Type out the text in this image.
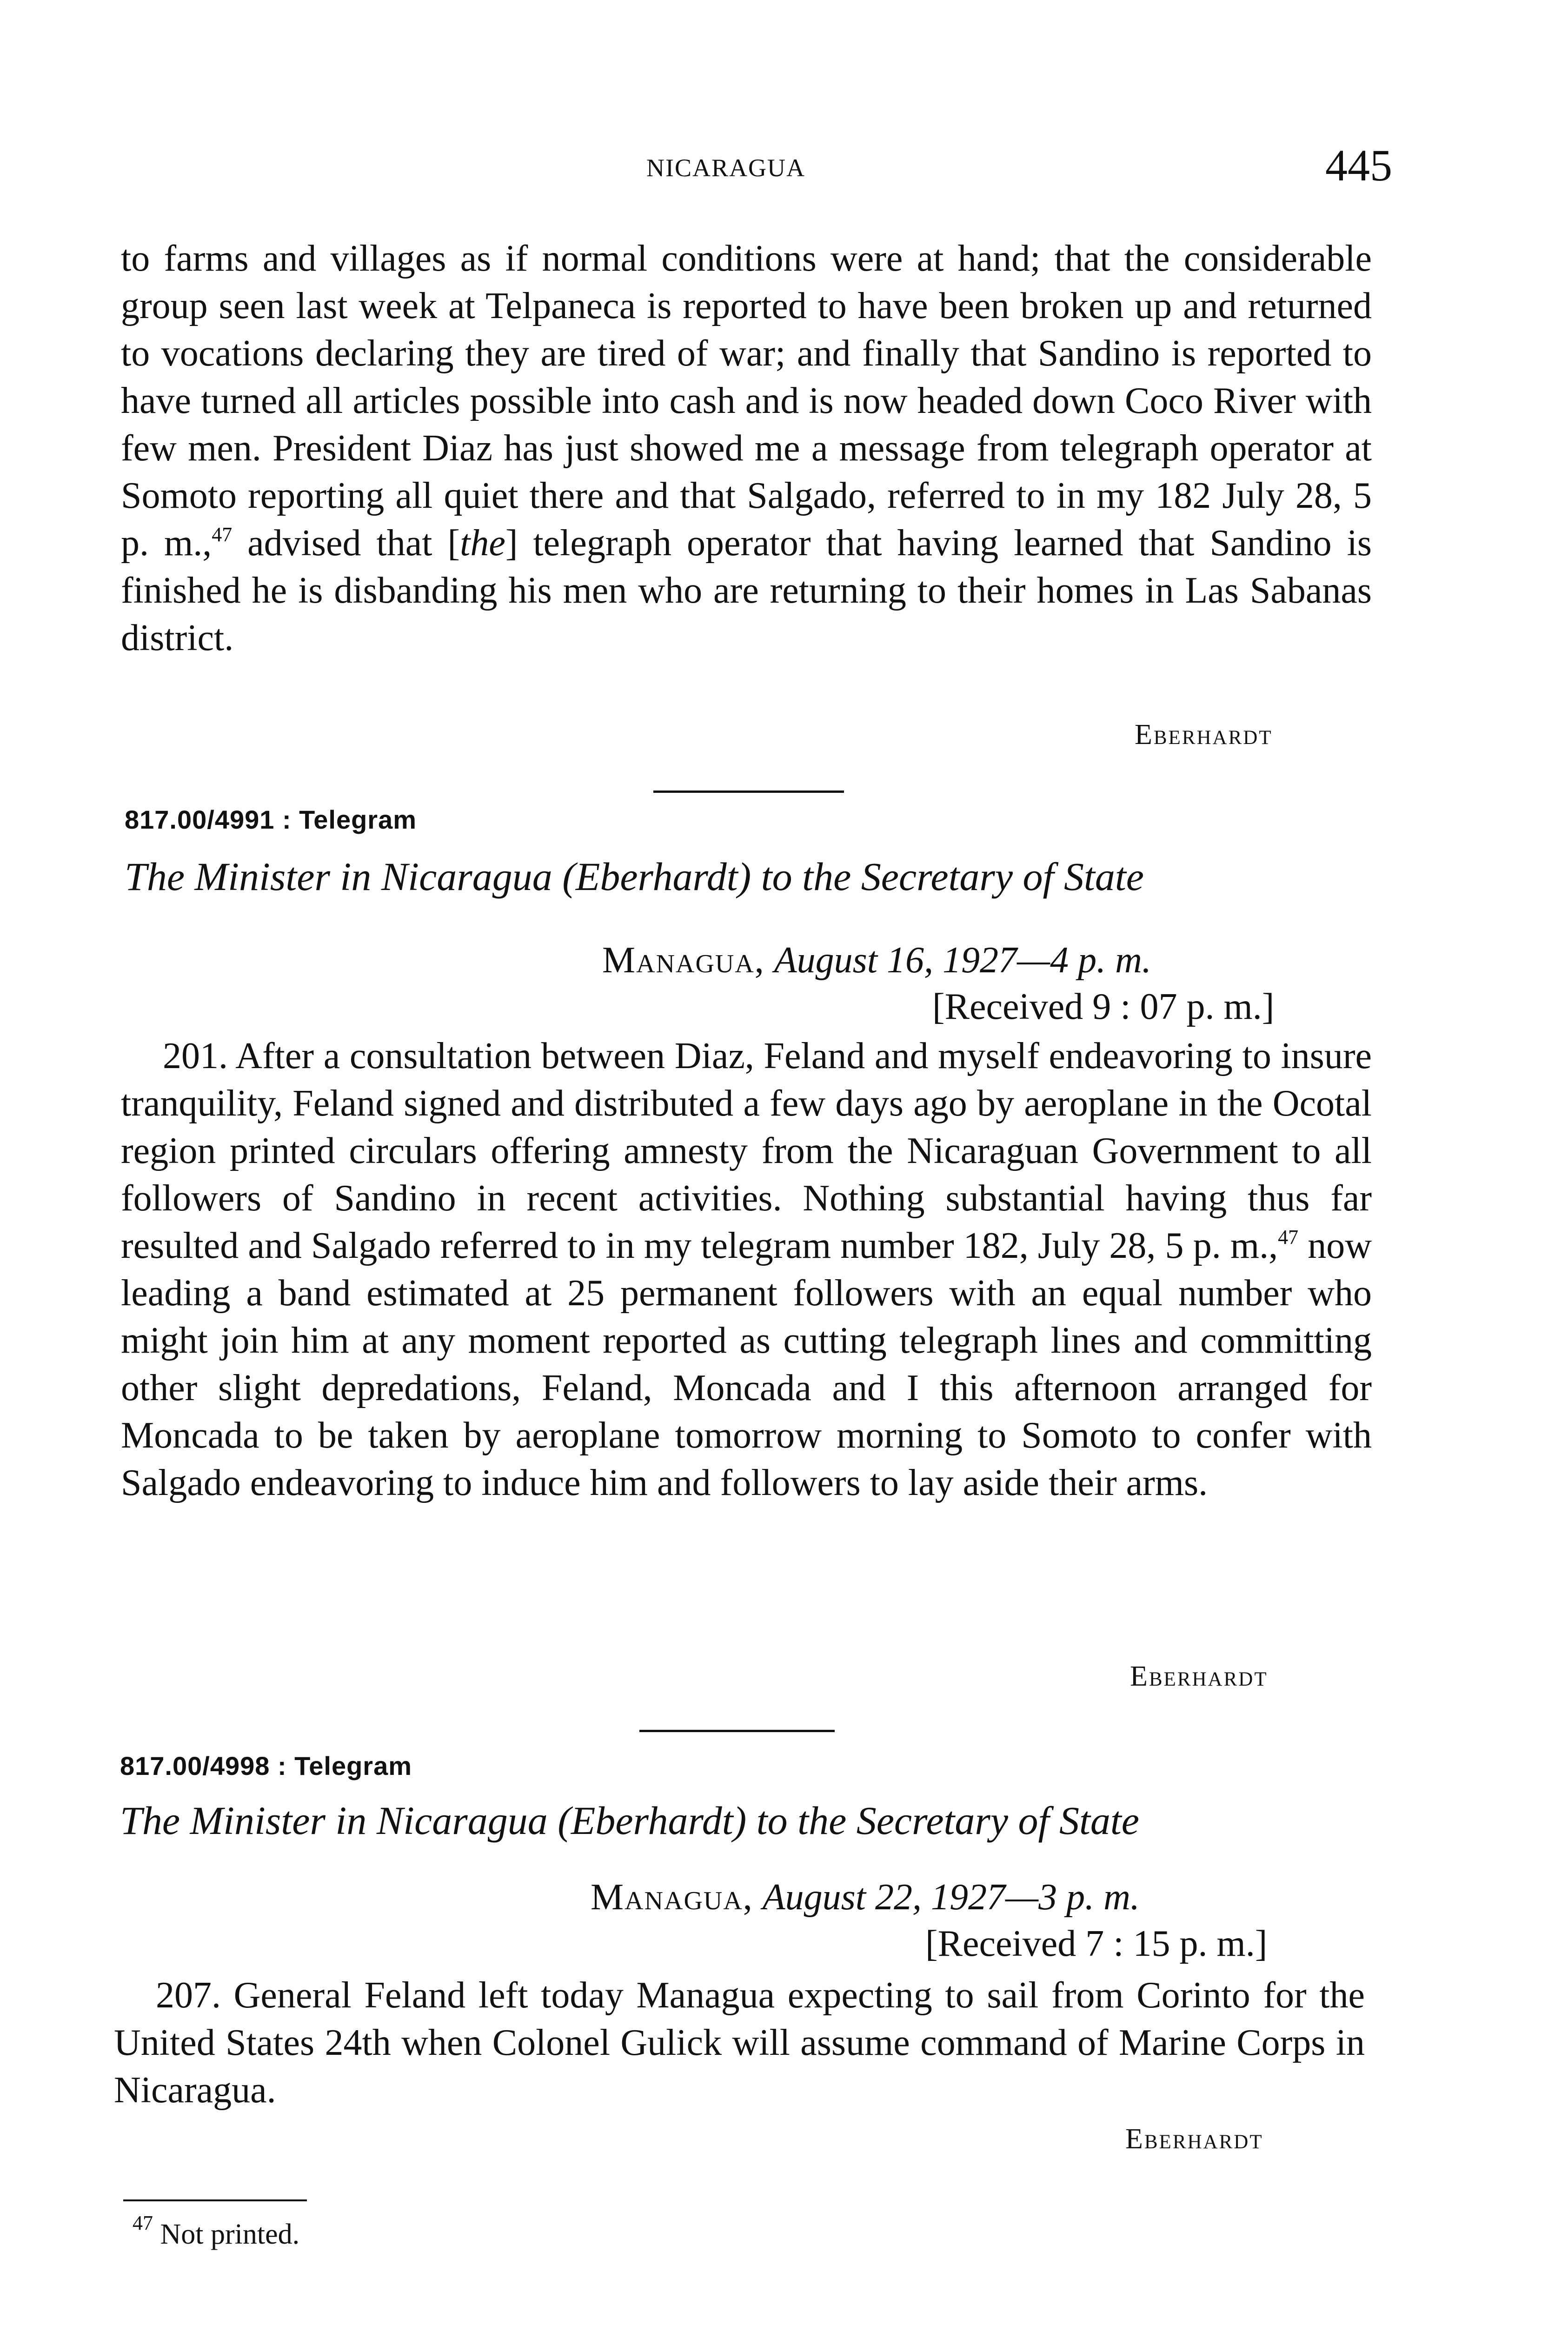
NICARAGUA	445

to farms and villages as if normal conditions were at hand; that the considerable group seen last week at Telpaneca is reported to have been broken up and returned to vocations declaring they are tired of war; and finally that Sandino is reported to have turned all articles possible into cash and is now headed down Coco River with few men. President Diaz has just showed me a message from telegraph operator at Somoto reporting all quiet there and that Salgado, referred to in my 182 July 28, 5 p. m.,$^{47}$ advised that [the] telegraph operator that having learned that Sandino is finished he is disbanding his men who are returning to their homes in Las Sabanas district.

Eberhardt
817.00/4991 : Telegram
The Minister in Nicaragua (Eberhardt) to the Secretary of State
Managua, August 16, 1927—4 p. m.
[Received 9 : 07 p. m.]

201. After a consultation between Diaz, Feland and myself endeavoring to insure tranquility, Feland signed and distributed a few days ago by aeroplane in the Ocotal region printed circulars offering amnesty from the Nicaraguan Government to all followers of Sandino in recent activities. Nothing substantial having thus far resulted and Salgado referred to in my telegram number 182, July 28, 5 p. m.,$^{47}$ now leading a band estimated at 25 permanent followers with an equal number who might join him at any moment reported as cutting telegraph lines and committing other slight depredations, Feland, Moncada and I this afternoon arranged for Moncada to be taken by aeroplane tomorrow morning to Somoto to confer with Salgado endeavoring to induce him and followers to lay aside their arms.

Eberhardt
817.00/4998 : Telegram
The Minister in Nicaragua (Eberhardt) to the Secretary of State
Managua, August 22, 1927—3 p. m.
[Received 7 : 15 p. m.]

207. General Feland left today Managua expecting to sail from Corinto for the United States 24th when Colonel Gulick will assume command of Marine Corps in Nicaragua.

Eberhardt
$^{47}$ Not printed.
